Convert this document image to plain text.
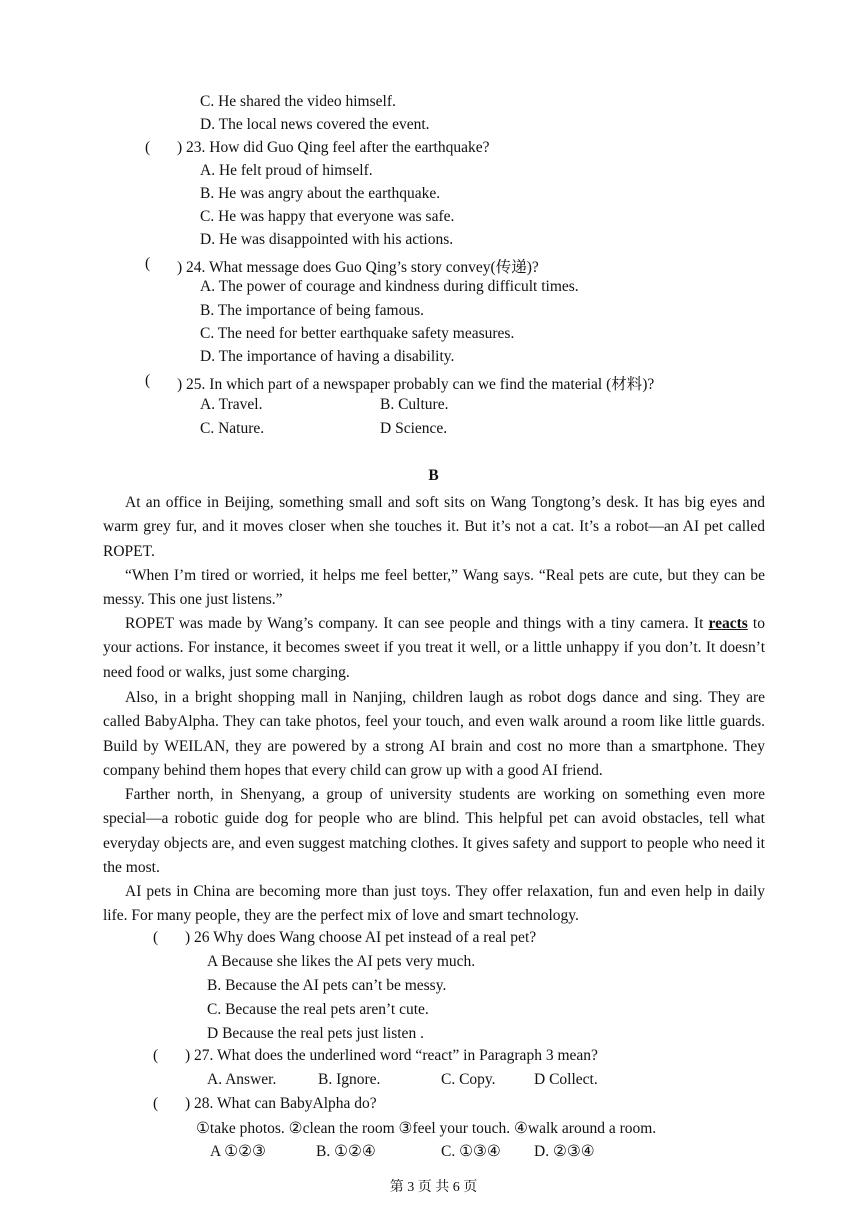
C. He shared the video himself.
D. The local news covered the event.
( ) 23. How did Guo Qing feel after the earthquake?
A. He felt proud of himself.
B. He was angry about the earthquake.
C. He was happy that everyone was safe.
D. He was disappointed with his actions.
( ) 24. What message does Guo Qing’s story convey(传递)?
A. The power of courage and kindness during difficult times.
B. The importance of being famous.
C. The need for better earthquake safety measures.
D. The importance of having a disability.
( ) 25. In which part of a newspaper probably can we find the material (材料)?
A. Travel.	B. Culture.
C. Nature.	D Science.
B
At an office in Beijing, something small and soft sits on Wang Tongtong’s desk. It has big eyes and warm grey fur, and it moves closer when she touches it. But it’s not a cat. It’s a robot—an AI pet called ROPET.
“When I’m tired or worried, it helps me feel better,” Wang says. “Real pets are cute, but they can be messy. This one just listens.”
ROPET was made by Wang’s company. It can see people and things with a tiny camera. It reacts to your actions. For instance, it becomes sweet if you treat it well, or a little unhappy if you don’t. It doesn’t need food or walks, just some charging.
Also, in a bright shopping mall in Nanjing, children laugh as robot dogs dance and sing. They are called BabyAlpha. They can take photos, feel your touch, and even walk around a room like little guards. Build by WEILAN, they are powered by a strong AI brain and cost no more than a smartphone. They company behind them hopes that every child can grow up with a good AI friend.
Farther north, in Shenyang, a group of university students are working on something even more special—a robotic guide dog for people who are blind. This helpful pet can avoid obstacles, tell what everyday objects are, and even suggest matching clothes. It gives safety and support to people who need it the most.
AI pets in China are becoming more than just toys. They offer relaxation, fun and even help in daily life. For many people, they are the perfect mix of love and smart technology.
( ) 26 Why does Wang choose AI pet instead of a real pet?
A Because she likes the AI pets very much.
B. Because the AI pets can’t be messy.
C. Because the real pets aren’t cute.
D Because the real pets just listen .
( ) 27. What does the underlined word “react” in Paragraph 3 mean?
A. Answer.	B. Ignore.	C. Copy. D Collect.
( ) 28. What can BabyAlpha do?
①take photos. ②clean the room ③feel your touch. ④walk around a room.
A ①②③	B. ①②④	C. ①③④ D. ②③④
第 3 页 共 6 页
